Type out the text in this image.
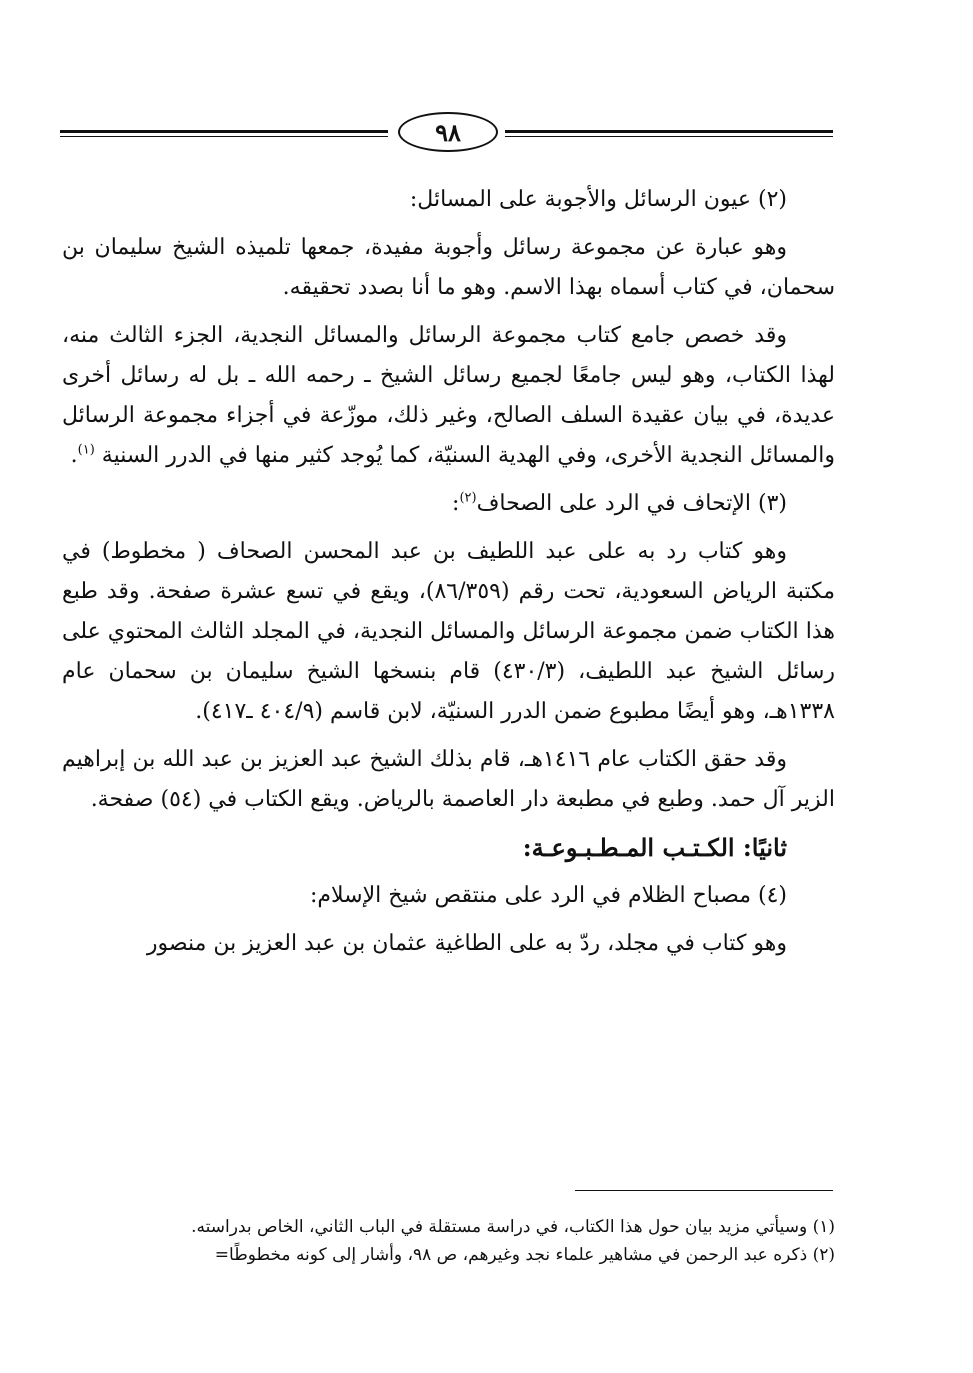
٩٨

(٢) عيون الرسائل والأجوبة على المسائل:

وهو عبارة عن مجموعة رسائل وأجوبة مفيدة، جمعها تلميذه الشيخ سليمان بن سحمان، في كتاب أسماه بهذا الاسم. وهو ما أنا بصدد تحقيقه.

وقد خصص جامع كتاب مجموعة الرسائل والمسائل النجدية، الجزء الثالث منه، لهذا الكتاب، وهو ليس جامعًا لجميع رسائل الشيخ ـ رحمه الله ـ بل له رسائل أخرى عديدة، في بيان عقيدة السلف الصالح، وغير ذلك، موزّعة في أجزاء مجموعة الرسائل والمسائل النجدية الأخرى، وفي الهدية السنيّة، كما يُوجد كثير منها في الدرر السنية $^{(١)}$.

(٣) الإتحاف في الرد على الصحاف$^{(٢)}$:

وهو كتاب رد به على عبد اللطيف بن عبد المحسن الصحاف ( مخطوط) في مكتبة الرياض السعودية، تحت رقم (٨٦/٣٥٩)، ويقع في تسع عشرة صفحة. وقد طبع هذا الكتاب ضمن مجموعة الرسائل والمسائل النجدية، في المجلد الثالث المحتوي على رسائل الشيخ عبد اللطيف، (٤٣٠/٣) قام بنسخها الشيخ سليمان بن سحمان عام ١٣٣٨هـ، وهو أيضًا مطبوع ضمن الدرر السنيّة، لابن قاسم (٤٠٤/٩ ـ٤١٧).

وقد حقق الكتاب عام ١٤١٦هـ، قام بذلك الشيخ عبد العزيز بن عبد الله بن إبراهيم الزير آل حمد. وطبع في مطبعة دار العاصمة بالرياض. ويقع الكتاب في (٥٤) صفحة.

ثانيًا: الكـتـب المـطـبـوعـة:

(٤) مصباح الظلام في الرد على منتقص شيخ الإسلام:

وهو كتاب في مجلد، ردّ به على الطاغية عثمان بن عبد العزيز بن منصور

(١) وسيأتي مزيد بيان حول هذا الكتاب، في دراسة مستقلة في الباب الثاني، الخاص بدراسته.

(٢) ذكره عبد الرحمن في مشاهير علماء نجد وغيرهم، ص ٩٨، وأشار إلى كونه مخطوطًا=
